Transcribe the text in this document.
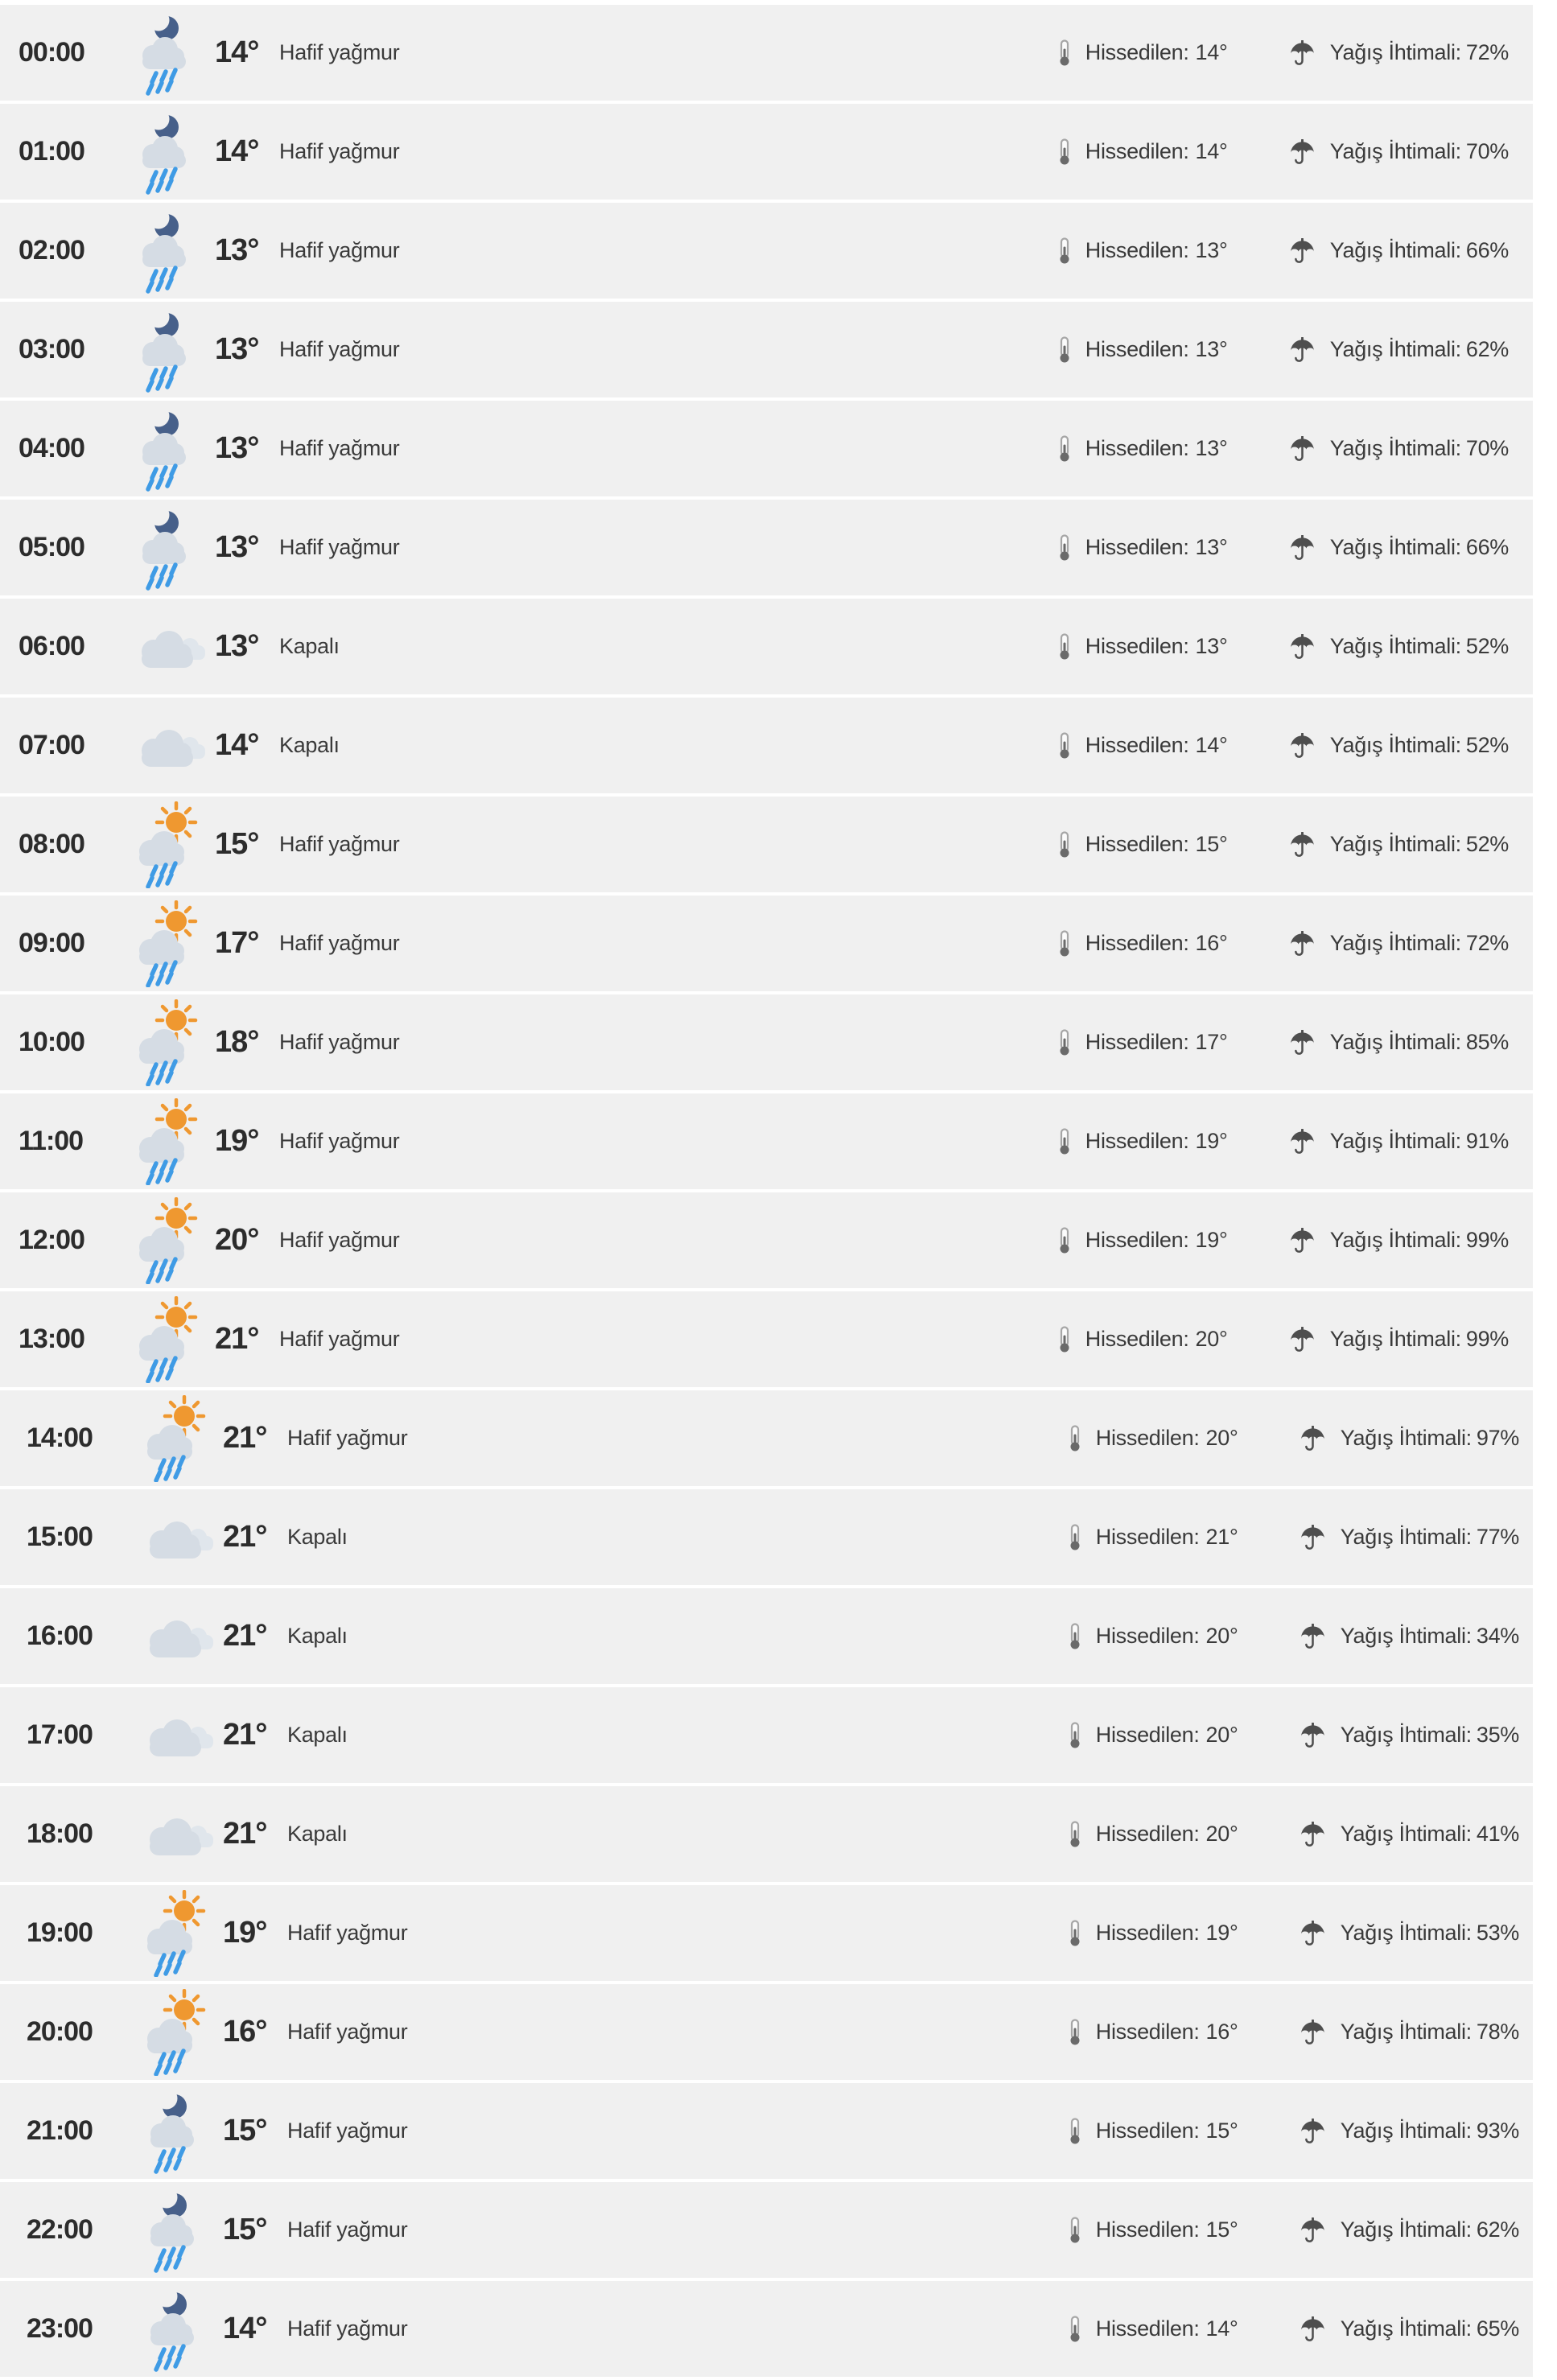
00:00	14° Hafif yağmur	Hissedilen: 14°	Yağış İhtimali: 72%
01:00	14° Hafif yağmur	Hissedilen: 14°	Yağış İhtimali: 70%
02:00	13° Hafif yağmur	Hissedilen: 13°	Yağış İhtimali: 66%
03:00	13° Hafif yağmur	Hissedilen: 13°	Yağış İhtimali: 62%
04:00	13° Hafif yağmur	Hissedilen: 13°	Yağış İhtimali: 70%
05:00	13° Hafif yağmur	Hissedilen: 13°	Yağış İhtimali: 66%
06:00	13° Kapalı	Hissedilen: 13°	Yağış İhtimali: 52%
07:00	14° Kapalı	Hissedilen: 14°	Yağış İhtimali: 52%
08:00	15° Hafif yağmur	Hissedilen: 15°	Yağış İhtimali: 52%
09:00	17° Hafif yağmur	Hissedilen: 16°	Yağış İhtimali: 72%
10:00	18° Hafif yağmur	Hissedilen: 17°	Yağış İhtimali: 85%
11:00	19° Hafif yağmur	Hissedilen: 19°	Yağış İhtimali: 91%
12:00	20° Hafif yağmur	Hissedilen: 19°	Yağış İhtimali: 99%
13:00	21° Hafif yağmur	Hissedilen: 20°	Yağış İhtimali: 99%
14:00	21° Hafif yağmur	Hissedilen: 20°	Yağış İhtimali: 97%
15:00	21° Kapalı	Hissedilen: 21°	Yağış İhtimali: 77%
16:00	21° Kapalı	Hissedilen: 20°	Yağış İhtimali: 34%
17:00	21° Kapalı	Hissedilen: 20°	Yağış İhtimali: 35%
18:00	21° Kapalı	Hissedilen: 20°	Yağış İhtimali: 41%
19:00	19° Hafif yağmur	Hissedilen: 19°	Yağış İhtimali: 53%
20:00	16° Hafif yağmur	Hissedilen: 16°	Yağış İhtimali: 78%
21:00	15° Hafif yağmur	Hissedilen: 15°	Yağış İhtimali: 93%
22:00	15° Hafif yağmur	Hissedilen: 15°	Yağış İhtimali: 62%
23:00	14° Hafif yağmur	Hissedilen: 14°	Yağış İhtimali: 65%
